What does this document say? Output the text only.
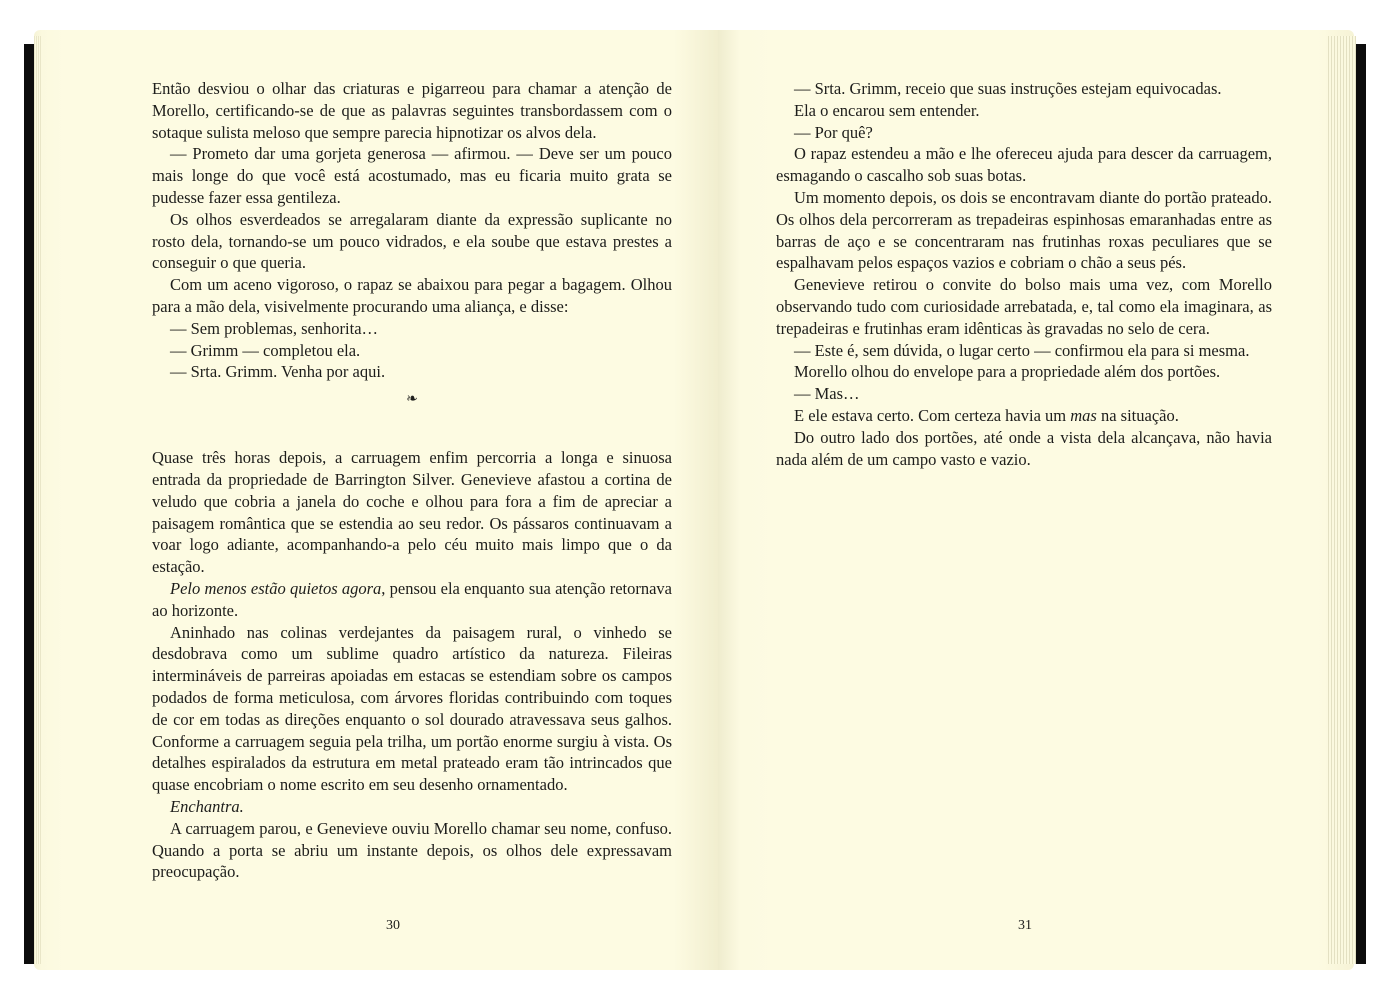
Então desviou o olhar das criaturas e pigarreou para chamar a atenção de Morello, certificando-se de que as palavras seguintes transbordassem com o sotaque sulista meloso que sempre parecia hipnotizar os alvos dela.

— Prometo dar uma gorjeta generosa — afirmou. — Deve ser um pouco mais longe do que você está acostumado, mas eu ficaria muito grata se pudesse fazer essa gentileza.

Os olhos esverdeados se arregalaram diante da expressão suplicante no rosto dela, tornando-se um pouco vidrados, e ela soube que estava prestes a conseguir o que queria.

Com um aceno vigoroso, o rapaz se abaixou para pegar a bagagem. Olhou para a mão dela, visivelmente procurando uma aliança, e disse:

— Sem problemas, senhorita…

— Grimm — completou ela.

— Srta. Grimm. Venha por aqui.

❧

Quase três horas depois, a carruagem enfim percorria a longa e sinuosa entrada da propriedade de Barrington Silver. Genevieve afastou a cortina de veludo que cobria a janela do coche e olhou para fora a fim de apreciar a paisagem romântica que se estendia ao seu redor. Os pássaros continuavam a voar logo adiante, acompanhando-a pelo céu muito mais limpo que o da estação.

Pelo menos estão quietos agora, pensou ela enquanto sua atenção retornava ao horizonte.

Aninhado nas colinas verdejantes da paisagem rural, o vinhedo se desdobrava como um sublime quadro artístico da natureza. Fileiras intermináveis de parreiras apoiadas em estacas se estendiam sobre os campos podados de forma meticulosa, com árvores floridas contribuindo com toques de cor em todas as direções enquanto o sol dourado atravessava seus galhos. Conforme a carruagem seguia pela trilha, um portão enorme surgiu à vista. Os detalhes espiralados da estrutura em metal prateado eram tão intrincados que quase encobriam o nome escrito em seu desenho ornamentado.

Enchantra.

A carruagem parou, e Genevieve ouviu Morello chamar seu nome, confuso. Quando a porta se abriu um instante depois, os olhos dele expressavam preocupação.

30

— Srta. Grimm, receio que suas instruções estejam equivocadas.

Ela o encarou sem entender.

— Por quê?

O rapaz estendeu a mão e lhe ofereceu ajuda para descer da carruagem, esmagando o cascalho sob suas botas.

Um momento depois, os dois se encontravam diante do portão prateado. Os olhos dela percorreram as trepadeiras espinhosas emaranhadas entre as barras de aço e se concentraram nas frutinhas roxas peculiares que se espalhavam pelos espaços vazios e cobriam o chão a seus pés.

Genevieve retirou o convite do bolso mais uma vez, com Morello observando tudo com curiosidade arrebatada, e, tal como ela imaginara, as trepadeiras e frutinhas eram idênticas às gravadas no selo de cera.

— Este é, sem dúvida, o lugar certo — confirmou ela para si mesma.

Morello olhou do envelope para a propriedade além dos portões.

— Mas…

E ele estava certo. Com certeza havia um mas na situação.

Do outro lado dos portões, até onde a vista dela alcançava, não havia nada além de um campo vasto e vazio.

31
